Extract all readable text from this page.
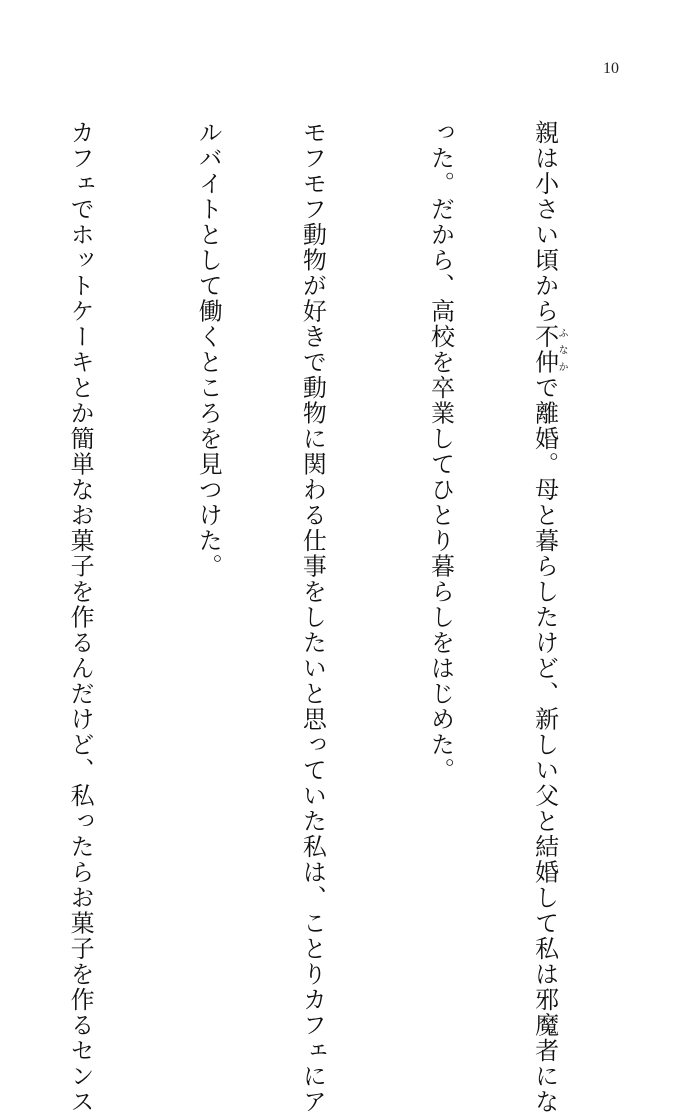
10

親は小さい頃から不仲ふなかで離婚。母と暮らしたけど、新しい父と結婚して私は邪魔者にな

った。だから、高校を卒業してひとり暮らしをはじめた。

モフモフ動物が好きで動物に関わる仕事をしたいと思っていた私は、ことりカフェにア

ルバイトとして働くところを見つけた。

カフェでホットケーキとか簡単なお菓子を作るんだけど、私ったらお菓子を作るセンス
